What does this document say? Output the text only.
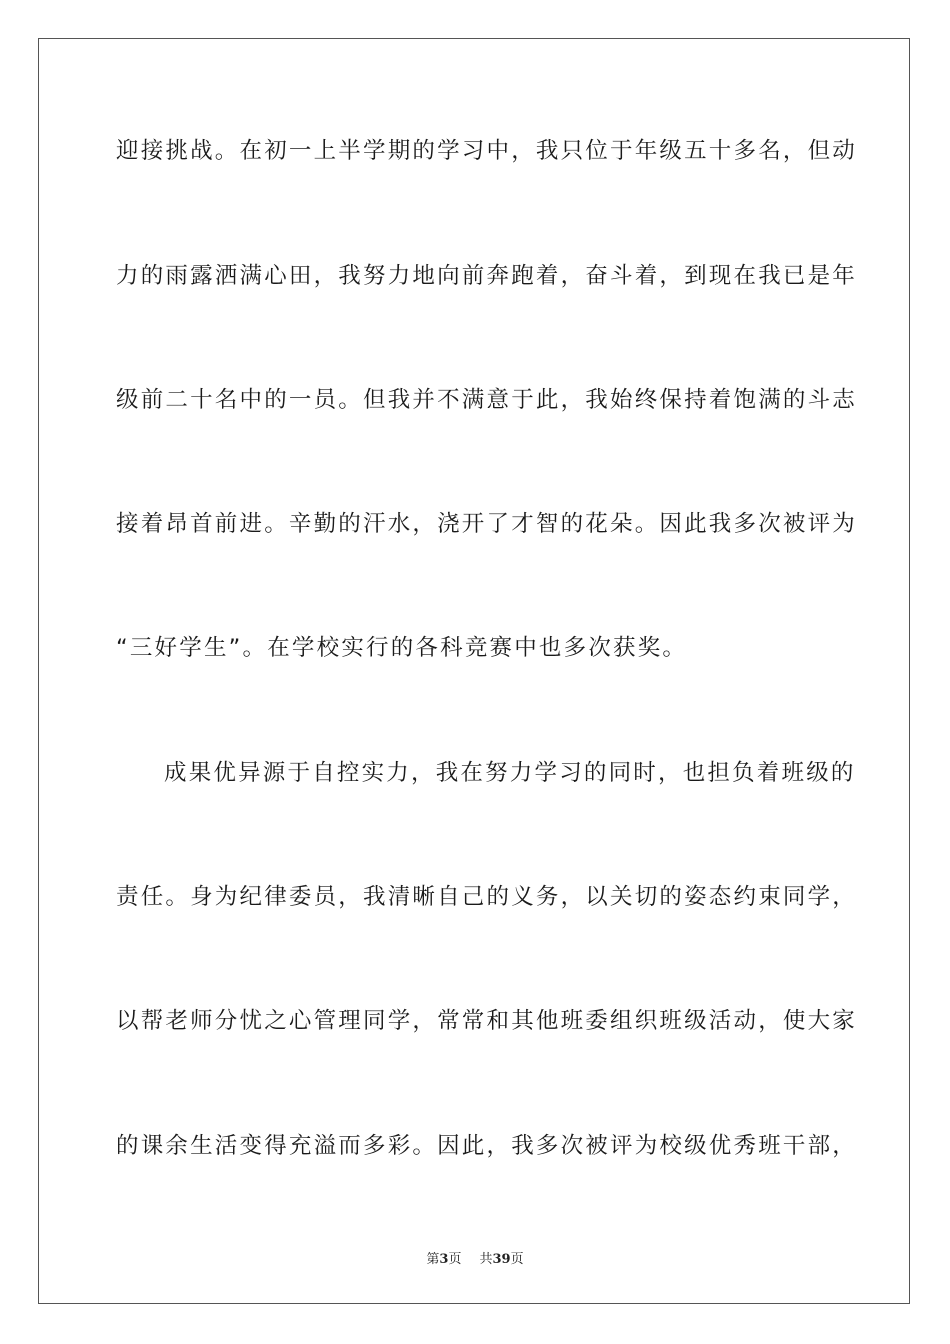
迎接挑战。在初一上半学期的学习中，我只位于年级五十多名，但动
力的雨露洒满心田，我努力地向前奔跑着，奋斗着，到现在我已是年
级前二十名中的一员。但我并不满意于此，我始终保持着饱满的斗志
接着昂首前进。辛勤的汗水，浇开了才智的花朵。因此我多次被评为
“三好学生”。在学校实行的各科竞赛中也多次获奖。
成果优异源于自控实力，我在努力学习的同时，也担负着班级的
责任。身为纪律委员，我清晰自己的义务，以关切的姿态约束同学，
以帮老师分忧之心管理同学，常常和其他班委组织班级活动，使大家
的课余生活变得充溢而多彩。因此，我多次被评为校级优秀班干部，
第3页 共39页
